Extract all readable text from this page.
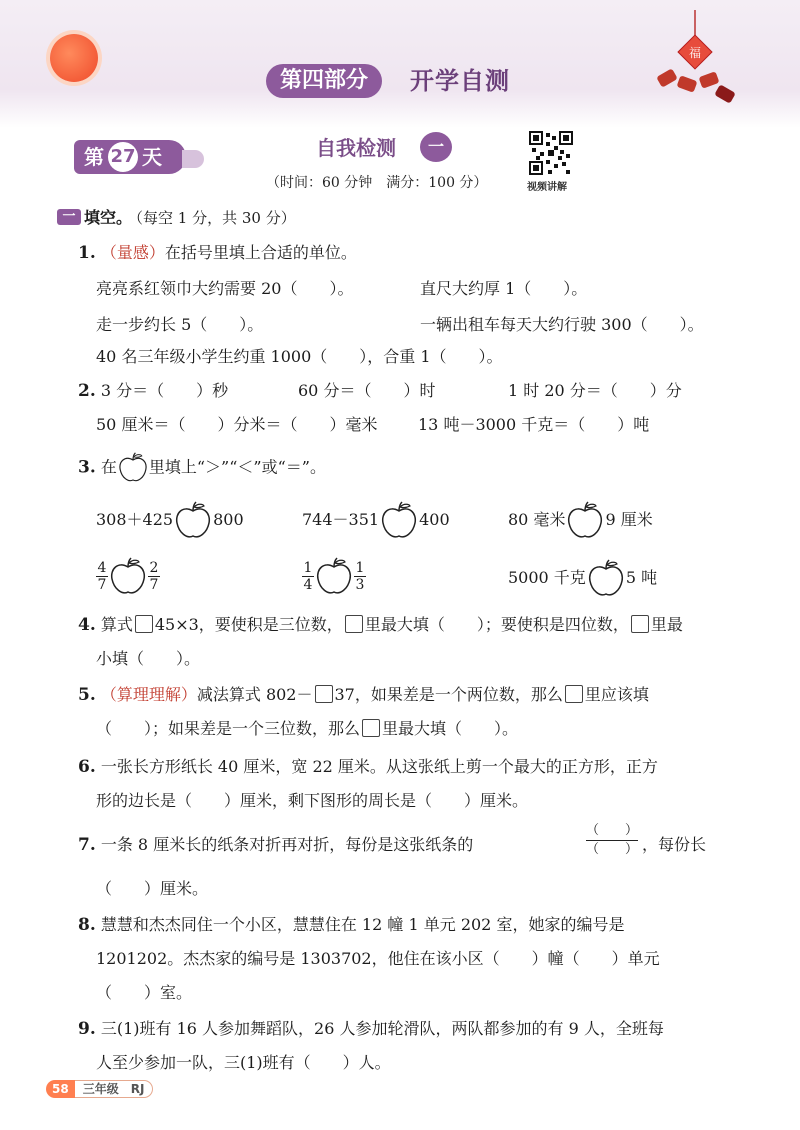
第四部分	开学自测
福
第 27 天	自我检测	一
（时间：60 分钟　满分：100 分）	视频讲解
一 填空。
（每空 1 分，共 30 分）
1. （量感）在括号里填上合适的单位。
亮亮系红领巾大约需要 20（　　）。	直尺大约厚 1（　　）。
走一步约长 5（　　）。	一辆出租车每天大约行驶 300（　　）。
40 名三年级小学生约重 1000（　　），合重 1（　　）。
2. 3 分＝（　　）秒	60 分＝（　　）时	1 时 20 分＝（　　）分
50 厘米＝（　　）分米＝（　　）毫米	13 吨－3000 千克＝（　　）吨
3. 在 里填上“＞”“＜”或“＝”。
308＋425	800	744－351	400	80 毫米	9 厘米
$\frac{4}{7}$	$\frac{2}{7}$	$\frac{1}{4}$	$\frac{1}{3}$	5000 千克	5 吨
4. 算式 45×3，要使积是三位数， 里最大填（　　）；要使积是四位数， 里最
小填（　　）。
5. （算理理解）减法算式 802－ 37，如果差是一个两位数，那么 里应该填
（　　）；如果差是一个三位数，那么 里最大填（　　）。
6. 一张长方形纸长 40 厘米，宽 22 厘米。从这张纸上剪一个最大的正方形，正方
形的边长是（　　）厘米，剩下图形的周长是（　　）厘米。
7. 一条 8 厘米长的纸条对折再对折，每份是这张纸条的
（　　）
（　　） ，每份长
（　　）厘米。
8. 慧慧和杰杰同住一个小区，慧慧住在 12 幢 1 单元 202 室，她家的编号是
1201202。杰杰家的编号是 1303702，他住在该小区（　　）幢（　　）单元
（　　）室。
9. 三(1)班有 16 人参加舞蹈队，26 人参加轮滑队，两队都参加的有 9 人，全班每
人至少参加一队，三(1)班有（　　）人。
58	三年级　RJ
